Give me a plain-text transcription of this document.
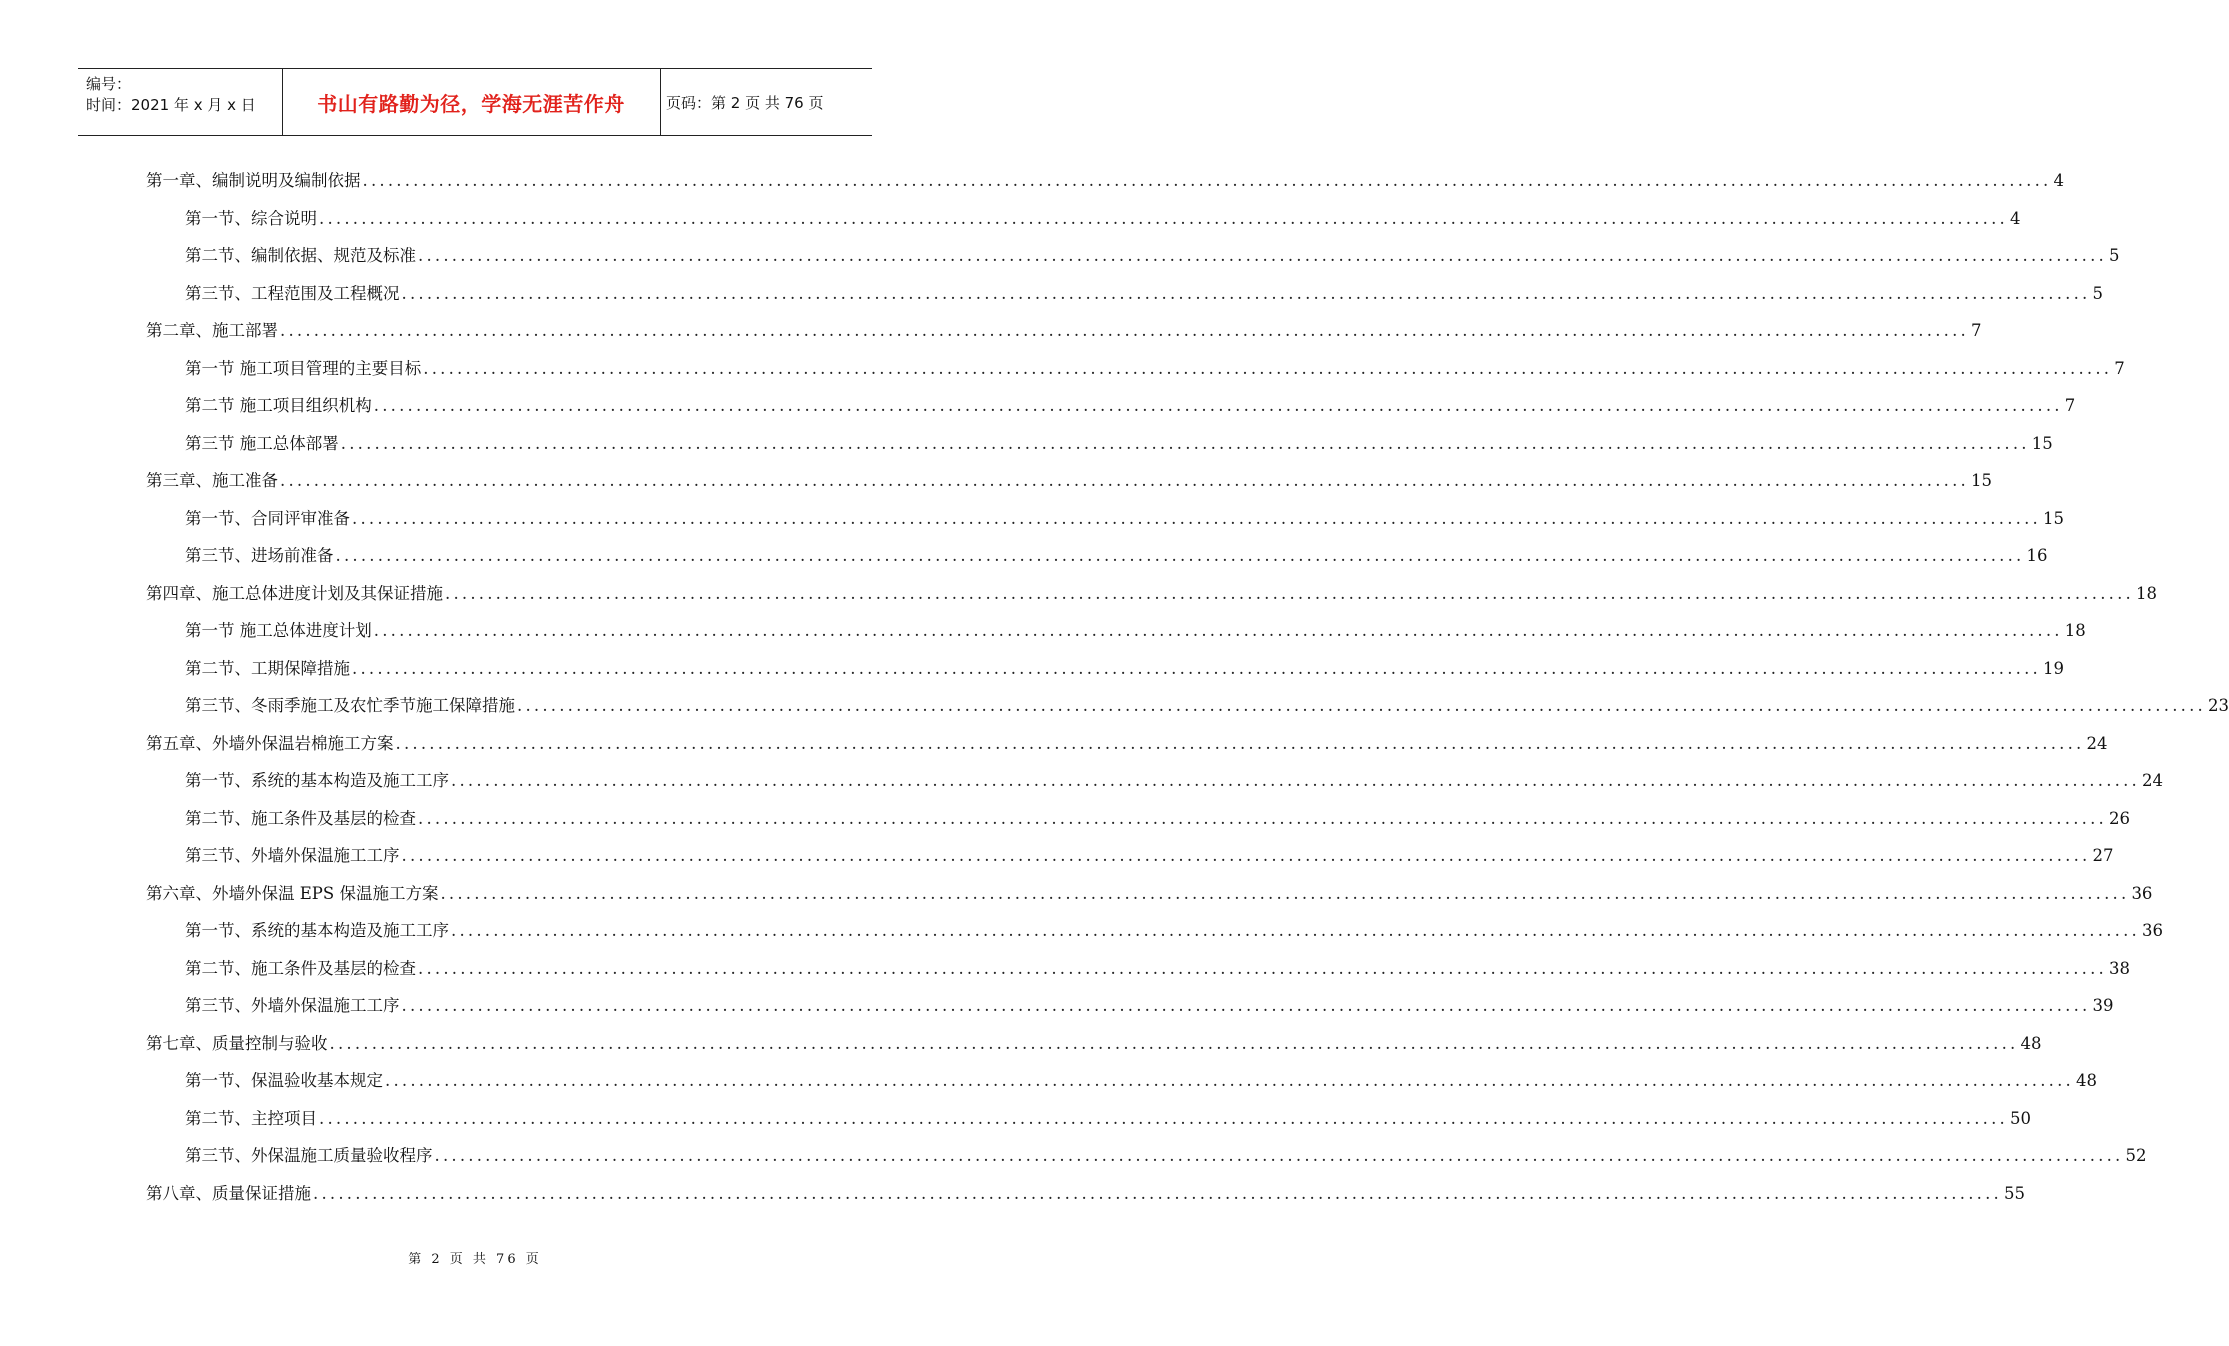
编号：
时间：2021 年 x 月 x 日	书山有路勤为径，学海无涯苦作舟	页码：第 2 页 共 76 页
第一章、编制说明及编制依据 ........................................................................................................................................................................................................ 4
第一节、综合说明 ........................................................................................................................................................................................................ 4
第二节、编制依据、规范及标准 ........................................................................................................................................................................................................ 5
第三节、工程范围及工程概况 ........................................................................................................................................................................................................ 5
第二章、施工部署 ........................................................................................................................................................................................................ 7
第一节 施工项目管理的主要目标 ........................................................................................................................................................................................................ 7
第二节 施工项目组织机构 ........................................................................................................................................................................................................ 7
第三节 施工总体部署 ........................................................................................................................................................................................................ 15
第三章、施工准备 ........................................................................................................................................................................................................ 15
第一节、合同评审准备 ........................................................................................................................................................................................................ 15
第三节、进场前准备 ........................................................................................................................................................................................................ 16
第四章、施工总体进度计划及其保证措施 ........................................................................................................................................................................................................ 18
第一节 施工总体进度计划 ........................................................................................................................................................................................................ 18
第二节、工期保障措施 ........................................................................................................................................................................................................ 19
第三节、冬雨季施工及农忙季节施工保障措施 ........................................................................................................................................................................................................ 23
第五章、外墙外保温岩棉施工方案 ........................................................................................................................................................................................................ 24
第一节、系统的基本构造及施工工序 ........................................................................................................................................................................................................ 24
第二节、施工条件及基层的检查 ........................................................................................................................................................................................................ 26
第三节、外墙外保温施工工序 ........................................................................................................................................................................................................ 27
第六章、外墙外保温 EPS 保温施工方案 ........................................................................................................................................................................................................ 36
第一节、系统的基本构造及施工工序 ........................................................................................................................................................................................................ 36
第二节、施工条件及基层的检查 ........................................................................................................................................................................................................ 38
第三节、外墙外保温施工工序 ........................................................................................................................................................................................................ 39
第七章、质量控制与验收 ........................................................................................................................................................................................................ 48
第一节、保温验收基本规定 ........................................................................................................................................................................................................ 48
第二节、主控项目 ........................................................................................................................................................................................................ 50
第三节、外保温施工质量验收程序 ........................................................................................................................................................................................................ 52
第八章、质量保证措施 ........................................................................................................................................................................................................ 55
第 2 页 共 76 页
